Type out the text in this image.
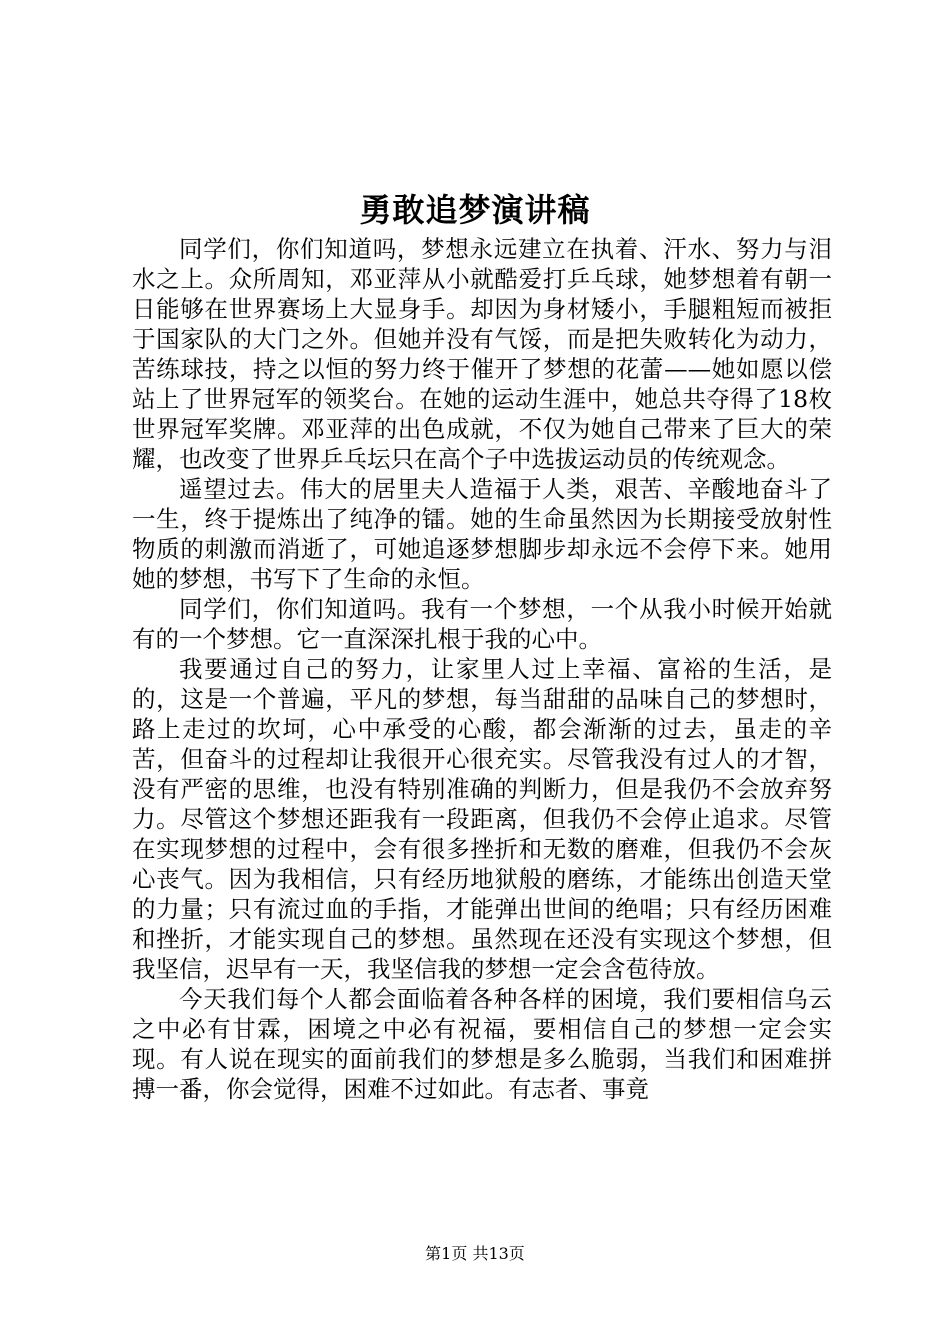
勇敢追梦演讲稿

同学们，你们知道吗，梦想永远建立在执着、汗水、努力与泪水之上。众所周知，邓亚萍从小就酷爱打乒乓球，她梦想着有朝一日能够在世界赛场上大显身手。却因为身材矮小，手腿粗短而被拒于国家队的大门之外。但她并没有气馁，而是把失败转化为动力，苦练球技，持之以恒的努力终于催开了梦想的花蕾——她如愿以偿站上了世界冠军的领奖台。在她的运动生涯中，她总共夺得了18枚世界冠军奖牌。邓亚萍的出色成就，不仅为她自己带来了巨大的荣耀，也改变了世界乒乓坛只在高个子中选拔运动员的传统观念。

遥望过去。伟大的居里夫人造福于人类，艰苦、辛酸地奋斗了一生，终于提炼出了纯净的镭。她的生命虽然因为长期接受放射性物质的刺激而消逝了，可她追逐梦想脚步却永远不会停下来。她用她的梦想，书写下了生命的永恒。

同学们，你们知道吗。我有一个梦想，一个从我小时候开始就有的一个梦想。它一直深深扎根于我的心中。

我要通过自己的努力，让家里人过上幸福、富裕的生活，是的，这是一个普遍，平凡的梦想，每当甜甜的品味自己的梦想时，路上走过的坎坷，心中承受的心酸，都会渐渐的过去，虽走的辛苦，但奋斗的过程却让我很开心很充实。尽管我没有过人的才智，没有严密的思维，也没有特别准确的判断力，但是我仍不会放弃努力。尽管这个梦想还距我有一段距离，但我仍不会停止追求。尽管在实现梦想的过程中，会有很多挫折和无数的磨难，但我仍不会灰心丧气。因为我相信，只有经历地狱般的磨练，才能练出创造天堂的力量；只有流过血的手指，才能弹出世间的绝唱；只有经历困难和挫折，才能实现自己的梦想。虽然现在还没有实现这个梦想，但我坚信，迟早有一天，我坚信我的梦想一定会含苞待放。

今天我们每个人都会面临着各种各样的困境，我们要相信乌云之中必有甘霖，困境之中必有祝福，要相信自己的梦想一定会实现。有人说在现实的面前我们的梦想是多么脆弱，当我们和困难拼搏一番，你会觉得，困难不过如此。有志者、事竟

第1页 共13页
